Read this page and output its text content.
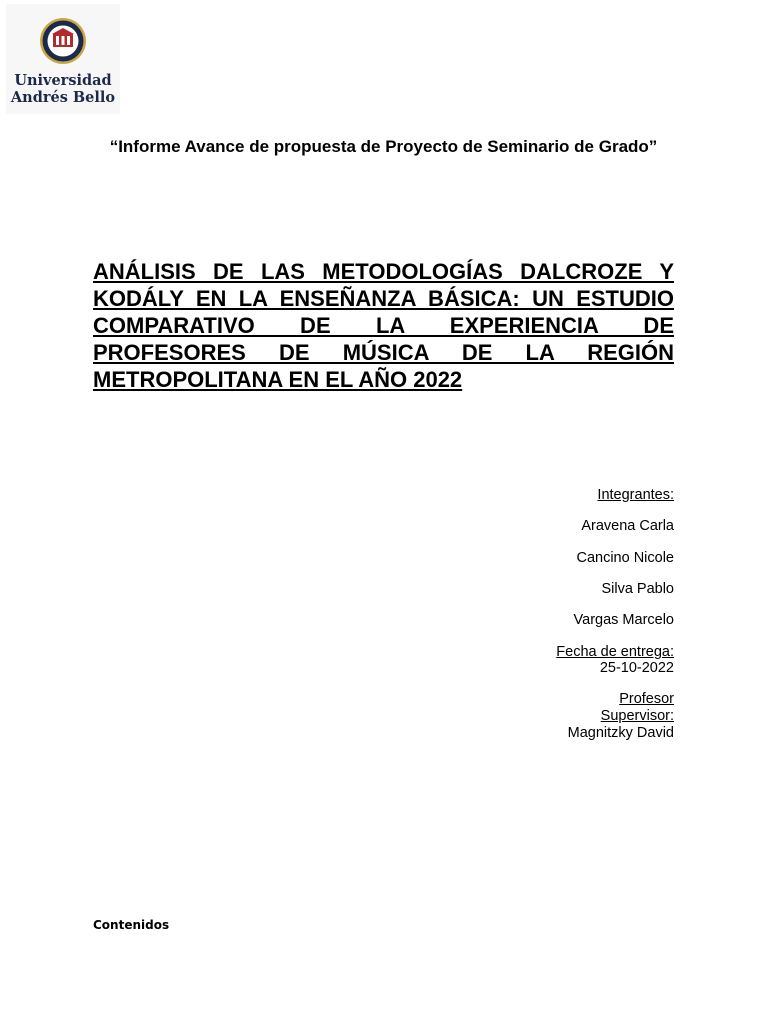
Universidad
Andrés Bello
“Informe Avance de propuesta de Proyecto de Seminario de Grado”
ANÁLISIS DE LAS METODOLOGÍAS DALCROZE Y KODÁLY EN LA ENSEÑANZA BÁSICA: UN ESTUDIO COMPARATIVO DE LA EXPERIENCIA DE PROFESORES DE MÚSICA DE LA REGIÓN METROPOLITANA EN EL AÑO 2022
Integrantes:
Aravena Carla
Cancino Nicole
Silva Pablo
Vargas Marcelo
Fecha de entrega:
25-10-2022
Profesor
Supervisor:
Magnitzky David
Contenidos
